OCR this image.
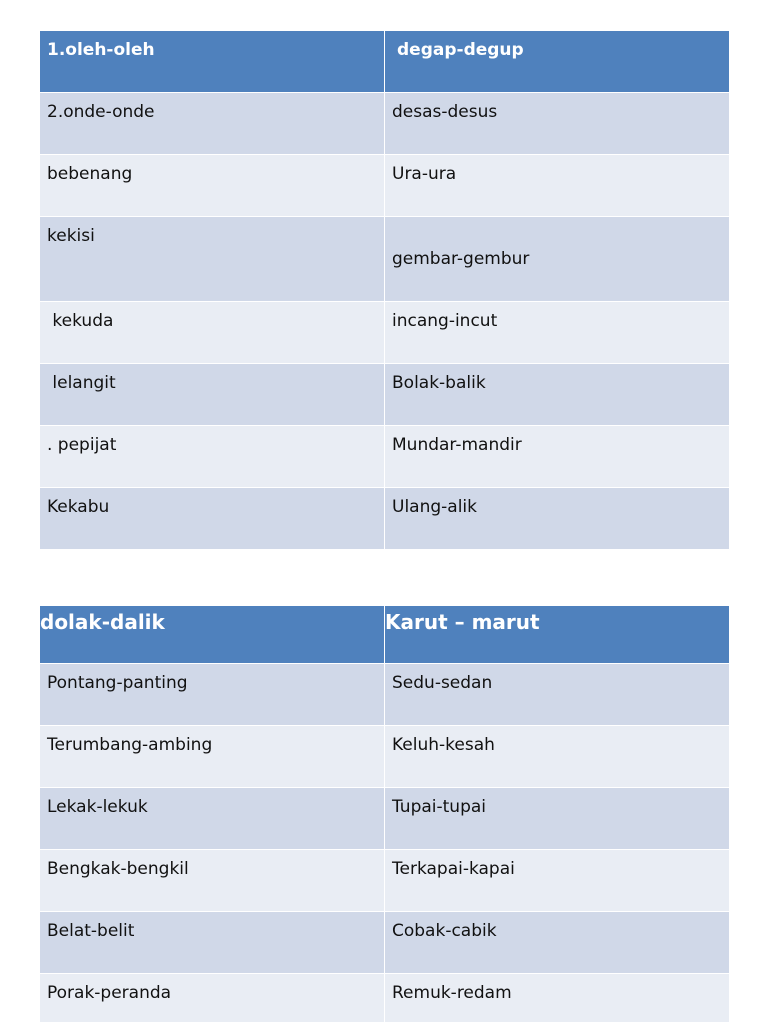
1.oleh-oleh	degap-degup
2.onde-onde	desas-desus
bebenang	Ura-ura
kekisi	gembar-gembur
kekuda	incang-incut
lelangit	Bolak-balik
. pepijat	Mundar-mandir
Kekabu	Ulang-alik
dolak-dalik	Karut – marut
Pontang-panting	Sedu-sedan
Terumbang-ambing	Keluh-kesah
Lekak-lekuk	Tupai-tupai
Bengkak-bengkil	Terkapai-kapai
Belat-belit	Cobak-cabik
Porak-peranda	Remuk-redam
